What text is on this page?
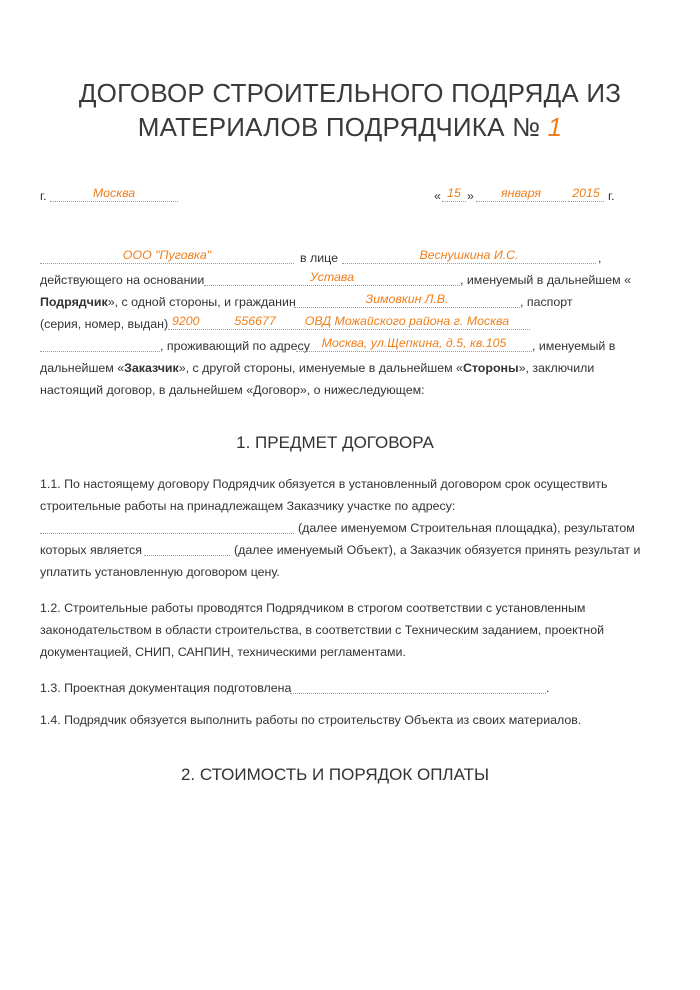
ДОГОВОР СТРОИТЕЛЬНОГО ПОДРЯДА ИЗ
МАТЕРИАЛОВ ПОДРЯДЧИКА № 1
г.	Москва	« 15 »	января	2015 г.
ООО "Пуговка"	в лице	Веснушкина И.С.	,
действующего на основании	Устава	, именуемый в дальнейшем «
Подрядчик», с одной стороны, и гражданин	Зимовкин Л.В.	, паспорт
(серия, номер, выдан) 9200	556677 ОВД Можайского района г. Москва
, проживающий по адресу Москва, ул.Щепкина, д.5, кв.105	, именуемый в
дальнейшем «Заказчик», с другой стороны, именуемые в дальнейшем «Стороны», заключили
настоящий договор, в дальнейшем «Договор», о нижеследующем:
1. ПРЕДМЕТ ДОГОВОРА
1.1. По настоящему договору Подрядчик обязуется в установленный договором срок осуществить
строительные работы на принадлежащем Заказчику участке по адресу:
(далее именуемом Строительная площадка), результатом
которых является	(далее именуемый Объект), а Заказчик обязуется принять результат и
уплатить установленную договором цену.
1.2. Строительные работы проводятся Подрядчиком в строгом соответствии с установленным
законодательством в области строительства, в соответствии с Техническим заданием, проектной
документацией, СНИП, САНПИН, техническими регламентами.
1.3. Проектная документация подготовлена	.
1.4. Подрядчик обязуется выполнить работы по строительству Объекта из своих материалов.
2. СТОИМОСТЬ И ПОРЯДОК ОПЛАТЫ
